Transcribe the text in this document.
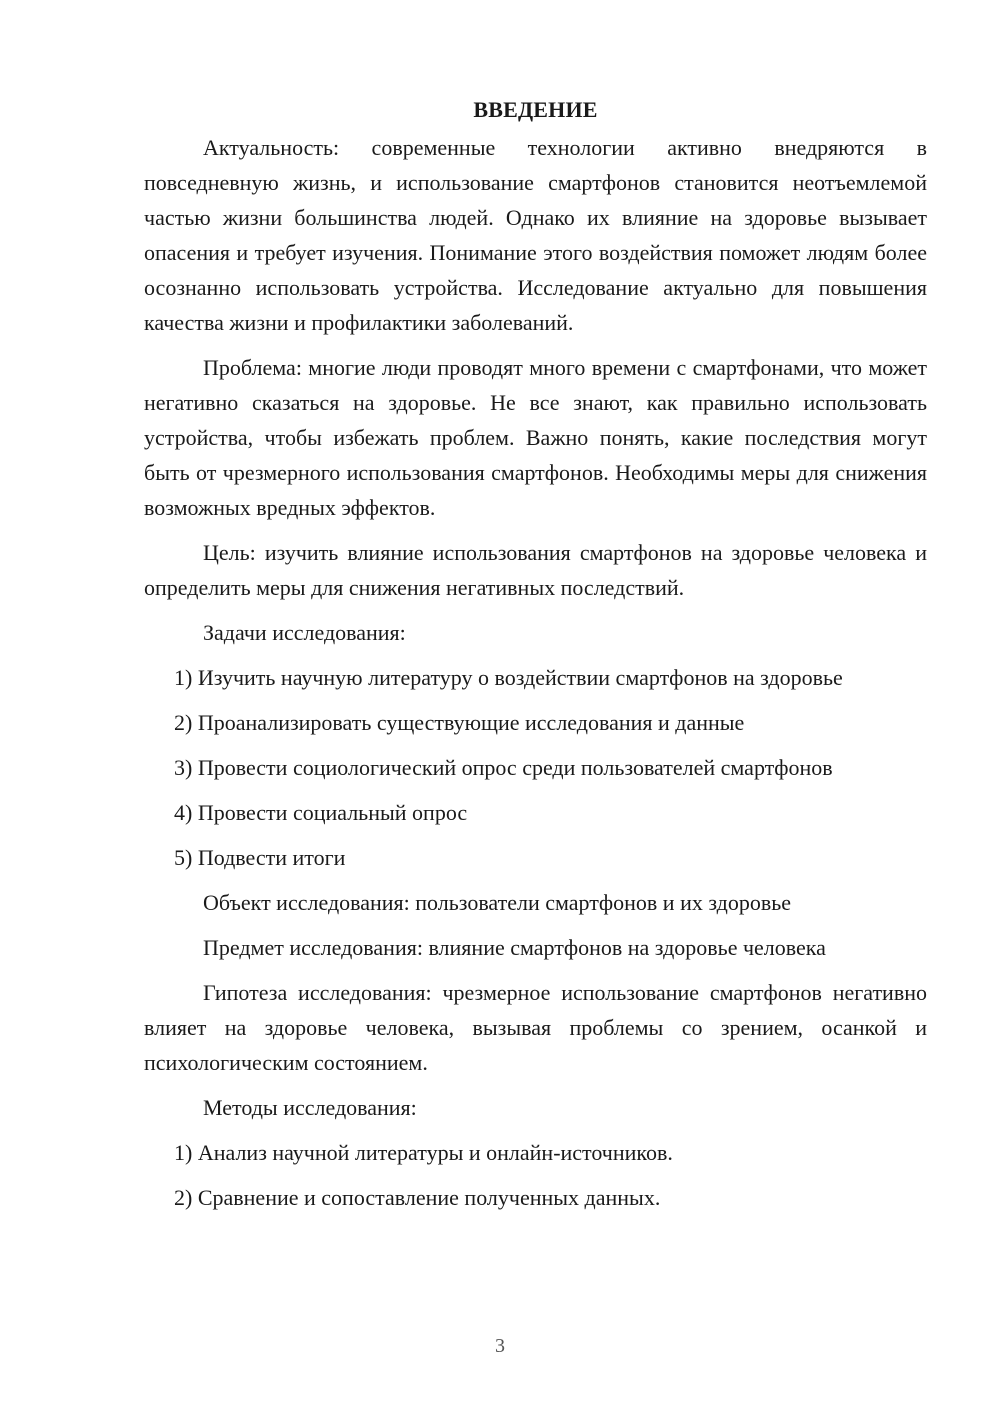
ВВЕДЕНИЕ

Актуальность: современные технологии активно внедряются в повседневную жизнь, и использование смартфонов становится неотъемлемой частью жизни большинства людей. Однако их влияние на здоровье вызывает опасения и требует изучения. Понимание этого воздействия поможет людям более осознанно использовать устройства. Исследование актуально для повышения качества жизни и профилактики заболеваний.

Проблема: многие люди проводят много времени с смартфонами, что может негативно сказаться на здоровье. Не все знают, как правильно использовать устройства, чтобы избежать проблем. Важно понять, какие последствия могут быть от чрезмерного использования смартфонов. Необходимы меры для снижения возможных вредных эффектов.

Цель: изучить влияние использования смартфонов на здоровье человека и определить меры для снижения негативных последствий.

Задачи исследования:

1) Изучить научную литературу о воздействии смартфонов на здоровье

2) Проанализировать существующие исследования и данные

3) Провести социологический опрос среди пользователей смартфонов

4) Провести социальный опрос

5) Подвести итоги

Объект исследования: пользователи смартфонов и их здоровье

Предмет исследования: влияние смартфонов на здоровье человека

Гипотеза исследования: чрезмерное использование смартфонов негативно влияет на здоровье человека, вызывая проблемы со зрением, осанкой и психологическим состоянием.

Методы исследования:

1) Анализ научной литературы и онлайн-источников.

2) Сравнение и сопоставление полученных данных.

3
